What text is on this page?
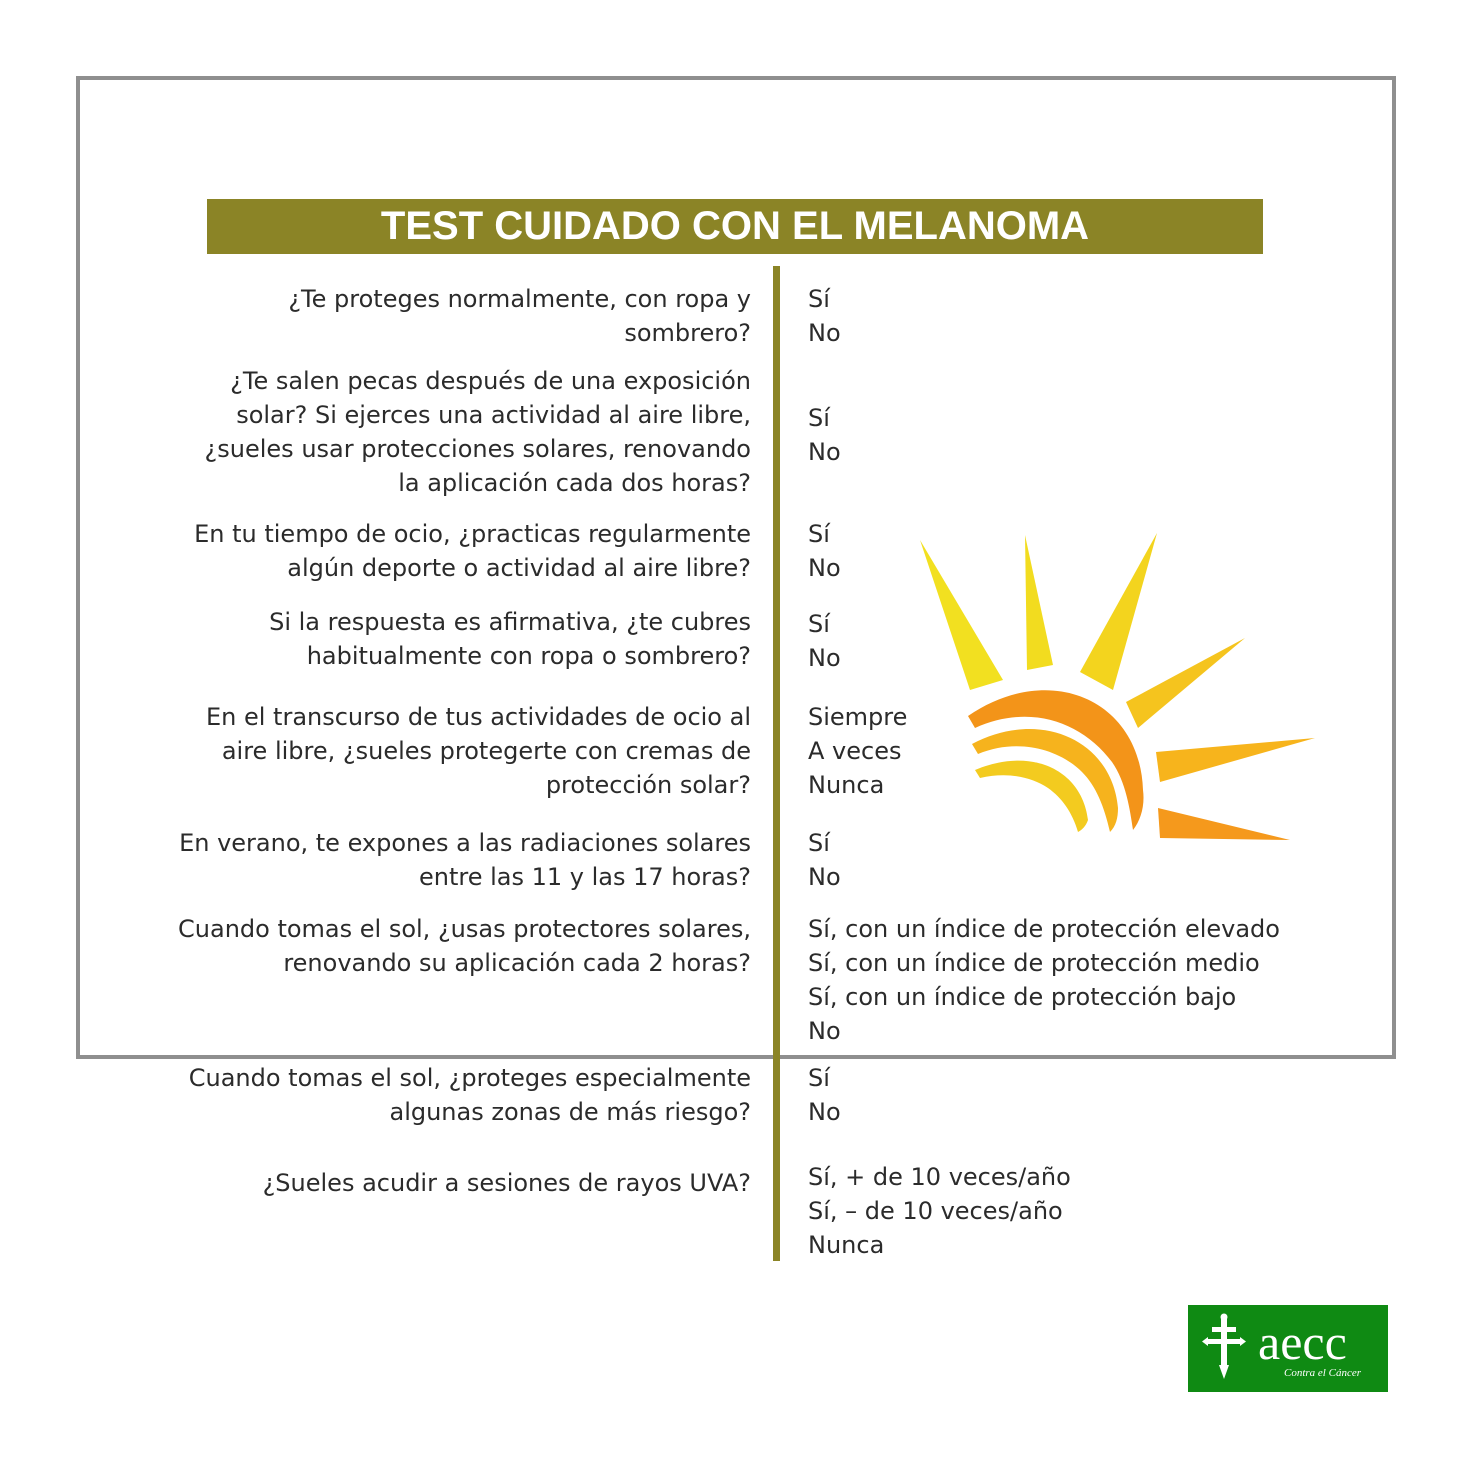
TEST CUIDADO CON EL MELANOMA
¿Te proteges normalmente, con ropa y
sombrero?
Sí
No
¿Te salen pecas después de una exposición
solar? Si ejerces una actividad al aire libre,
¿sueles usar protecciones solares, renovando
la aplicación cada dos horas?
Sí
No
En tu tiempo de ocio, ¿practicas regularmente
algún deporte o actividad al aire libre?
Sí
No
Si la respuesta es afirmativa, ¿te cubres
habitualmente con ropa o sombrero?
Sí
No
En el transcurso de tus actividades de ocio al
aire libre, ¿sueles protegerte con cremas de
protección solar?
Siempre
A veces
Nunca
En verano, te expones a las radiaciones solares
entre las 11 y las 17 horas?
Sí
No
Cuando tomas el sol, ¿usas protectores solares,
renovando su aplicación cada 2 horas?
Sí, con un índice de protección elevado
Sí, con un índice de protección medio
Sí, con un índice de protección bajo
No
Cuando tomas el sol, ¿proteges especialmente
algunas zonas de más riesgo?
Sí
No
¿Sueles acudir a sesiones de rayos UVA? Sí, + de 10 veces/año
Sí, – de 10 veces/año
Nunca
aecc
Contra el Cáncer
